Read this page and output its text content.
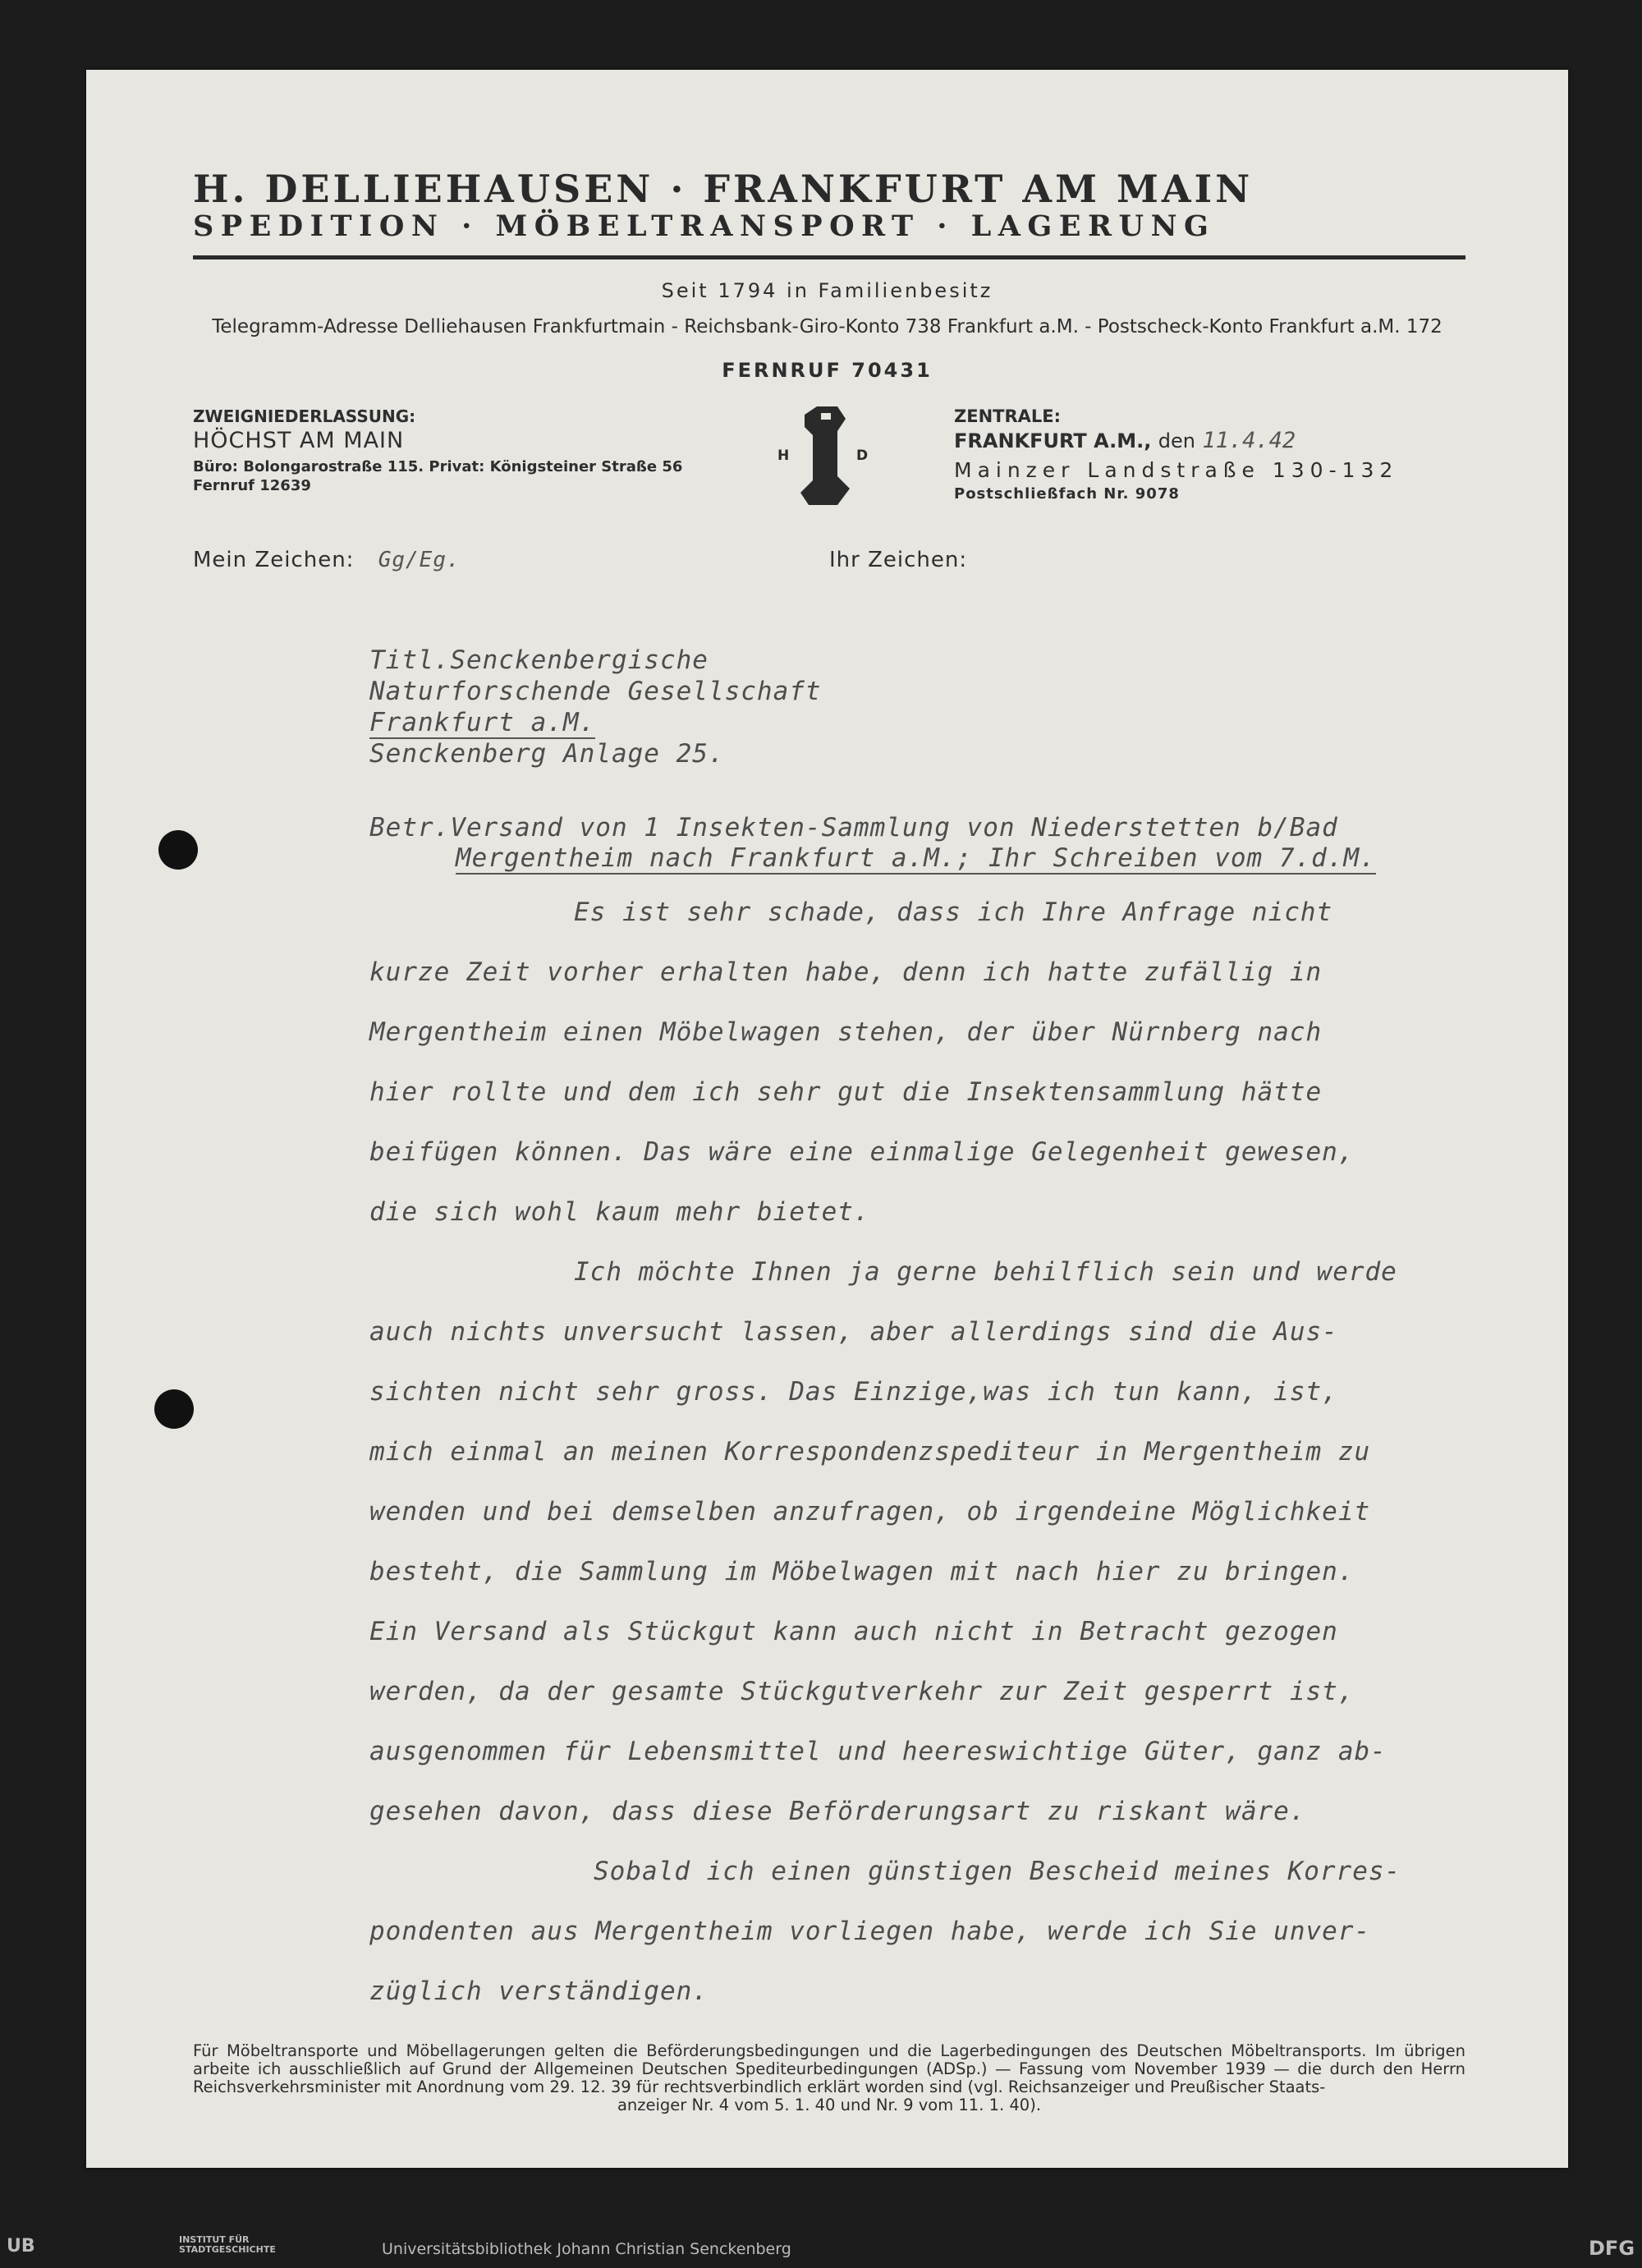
H. DELLIEHAUSEN · FRANKFURT AM MAIN
SPEDITION · MÖBELTRANSPORT · LAGERUNG
Seit 1794 in Familienbesitz
Telegramm-Adresse Delliehausen Frankfurtmain - Reichsbank-Giro-Konto 738 Frankfurt a.M. - Postscheck-Konto Frankfurt a.M. 172
FERNRUF 70431
ZWEIGNIEDERLASSUNG:
HÖCHST AM MAIN
Büro: Bolongarostraße 115. Privat: Königsteiner Straße 56
Fernruf 12639
H	D
ZENTRALE:
FRANKFURT A.M., den 11.4.42
Mainzer Landstraße 130-132
Postschließfach Nr. 9078
Mein Zeichen: Gg/Eg.	Ihr Zeichen:
Titl.Senckenbergische
Naturforschende Gesellschaft
Frankfurt a.M.
Senckenberg Anlage 25.
Betr.Versand von 1 Insekten-Sammlung von Niederstetten b/Bad
Mergentheim nach Frankfurt a.M.; Ihr Schreiben vom 7.d.M.
Es ist sehr schade, dass ich Ihre Anfrage nicht
kurze Zeit vorher erhalten habe, denn ich hatte zufällig in
Mergentheim einen Möbelwagen stehen, der über Nürnberg nach
hier rollte und dem ich sehr gut die Insektensammlung hätte
beifügen können. Das wäre eine einmalige Gelegenheit gewesen,
die sich wohl kaum mehr bietet.
Ich möchte Ihnen ja gerne behilflich sein und werde
auch nichts unversucht lassen, aber allerdings sind die Aus-
sichten nicht sehr gross. Das Einzige,was ich tun kann, ist,
mich einmal an meinen Korrespondenzspediteur in Mergentheim zu
wenden und bei demselben anzufragen, ob irgendeine Möglichkeit
besteht, die Sammlung im Möbelwagen mit nach hier zu bringen.
Ein Versand als Stückgut kann auch nicht in Betracht gezogen
werden, da der gesamte Stückgutverkehr zur Zeit gesperrt ist,
ausgenommen für Lebensmittel und heereswichtige Güter, ganz ab-
gesehen davon, dass diese Beförderungsart zu riskant wäre.
Sobald ich einen günstigen Bescheid meines Korres-
pondenten aus Mergentheim vorliegen habe, werde ich Sie unver-
züglich verständigen.
Für Möbeltransporte und Möbellagerungen gelten die Beförderungsbedingungen und die Lagerbedingungen des Deutschen Möbeltransports. Im übrigen arbeite ich ausschließlich auf Grund der Allgemeinen Deutschen Spediteurbedingungen (ADSp.) — Fassung vom November 1939 — die durch den Herrn Reichsverkehrsminister mit Anordnung vom 29. 12. 39 für rechtsverbindlich erklärt worden sind (vgl. Reichsanzeiger und Preußischer Staats-
anzeiger Nr. 4 vom 5. 1. 40 und Nr. 9 vom 11. 1. 40).
UB	INSTITUT FÜR STADTGESCHICHTE	Universitätsbibliothek Johann Christian Senckenberg	DFG
